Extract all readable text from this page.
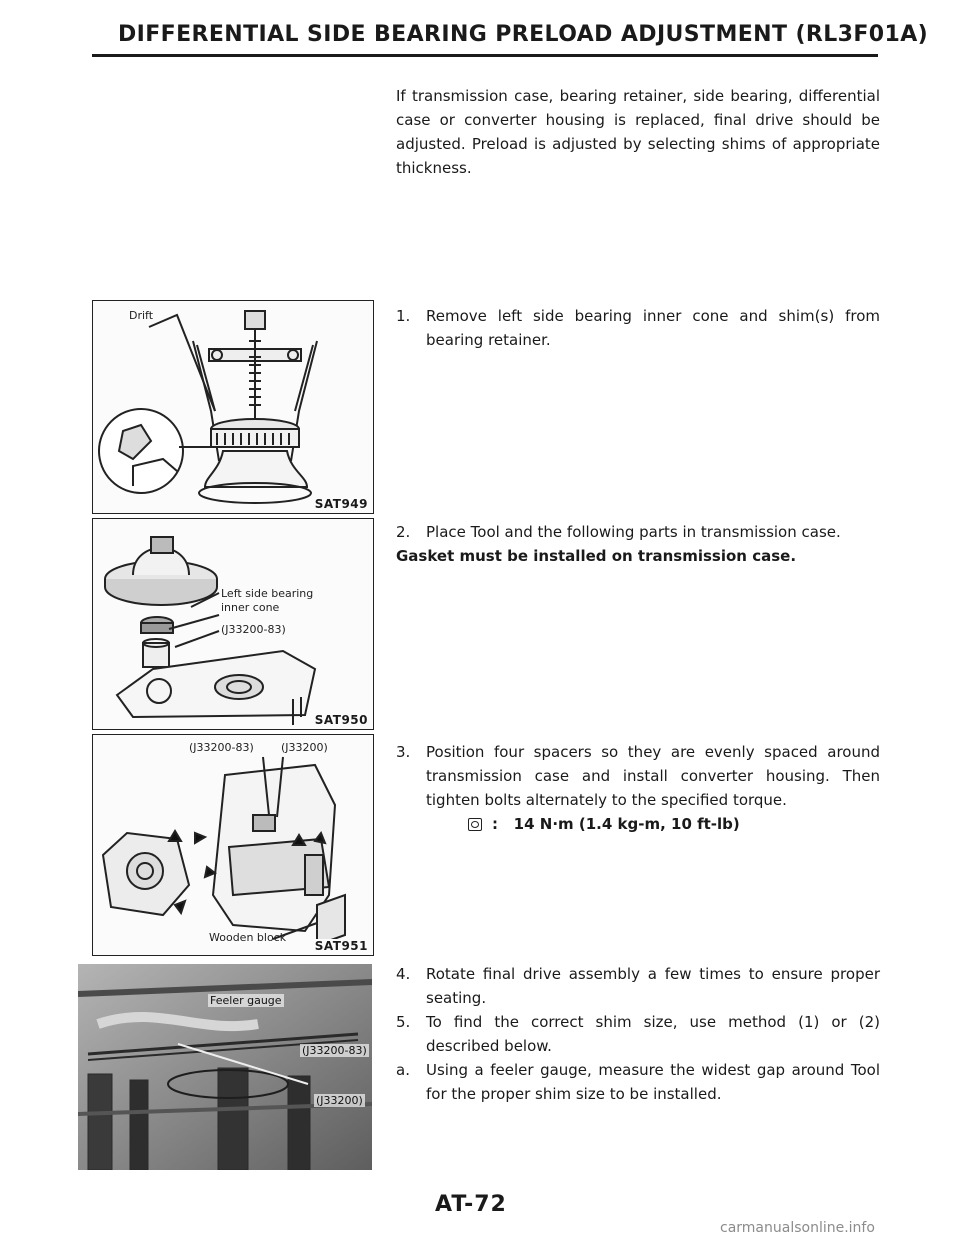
DIFFERENTIAL SIDE BEARING PRELOAD ADJUSTMENT (RL3F01A)

If transmission case, bearing retainer, side bearing, differential case or converter housing is replaced, final drive should be adjusted. Preload is adjusted by selecting shims of appropriate thickness.

1.	Remove left side bearing inner cone and shim(s) from bearing retainer.
2.	Place Tool and the following parts in transmission case.
Gasket must be installed on transmission case.
3.	Position four spacers so they are evenly spaced around transmission case and install converter housing. Then tighten bolts alternately to the specified torque.
: 14 N·m (1.4 kg-m, 10 ft-lb)
4.	Rotate final drive assembly a few times to ensure proper seating.
5.	To find the correct shim size, use method (1) or (2) described below.
a.	Using a feeler gauge, measure the widest gap around Tool for the proper shim size to be installed.
Drift
SAT949
Left side bearing
inner cone
(J33200-83)
SAT950
(J33200-83) (J33200)
Wooden block
SAT951
Feeler gauge
(J33200-83)
(J33200)
AT-72
carmanualsonline.info
